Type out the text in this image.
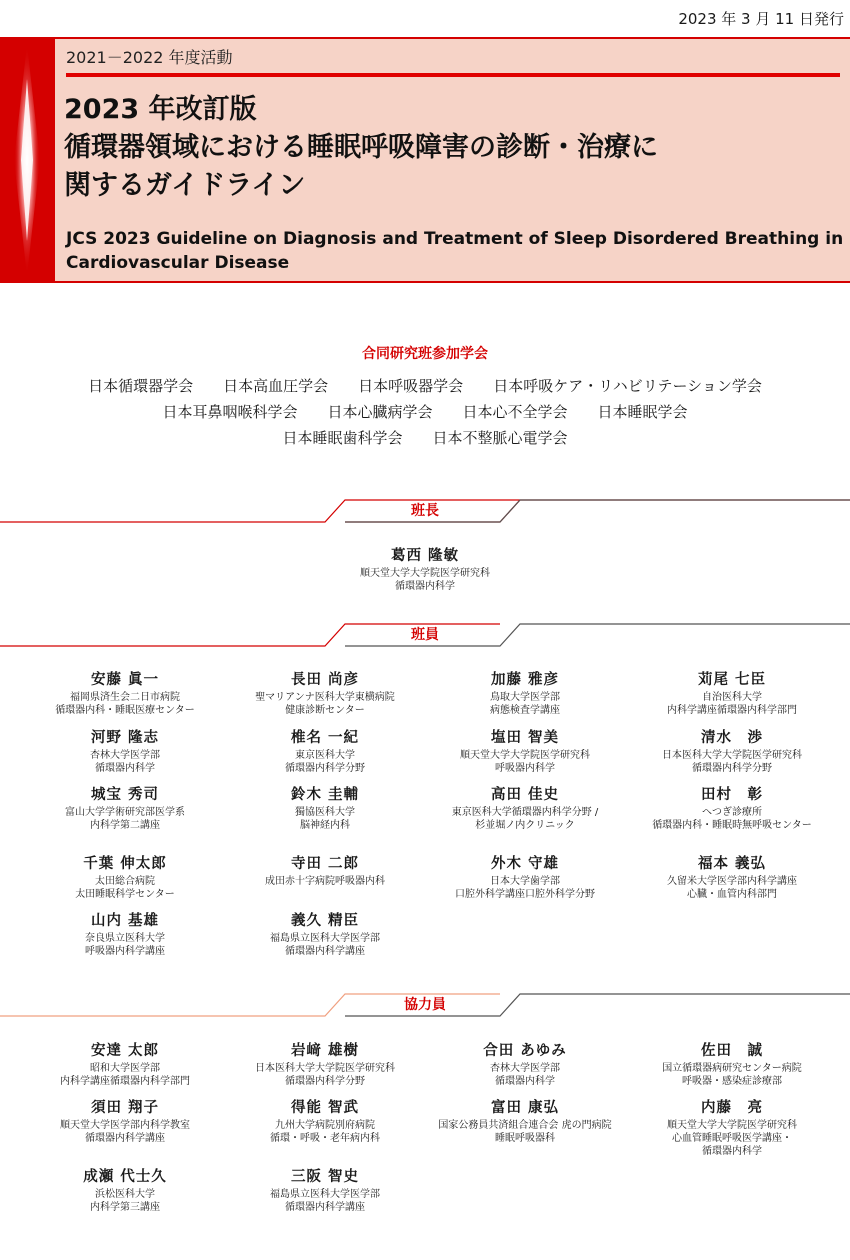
2023 年 3 月 11 日発行
2021－2022 年度活動
2023 年改訂版
循環器領域における睡眠呼吸障害の診断・治療に
関するガイドライン
JCS 2023 Guideline on Diagnosis and Treatment of Sleep Disordered Breathing in
Cardiovascular Disease
合同研究班参加学会
日本循環器学会 日本高血圧学会 日本呼吸器学会 日本呼吸ケア・リハビリテーション学会
日本耳鼻咽喉科学会 日本心臓病学会 日本心不全学会 日本睡眠学会
日本睡眠歯科学会 日本不整脈心電学会
班長
葛西 隆敏
順天堂大学大学院医学研究科
循環器内科学
班員
安藤 眞一
福岡県済生会二日市病院
循環器内科・睡眠医療センター
長田 尚彦
聖マリアンナ医科大学東横病院
健康診断センター
加藤 雅彦
鳥取大学医学部
病態検査学講座
苅尾 七臣
自治医科大学
内科学講座循環器内科学部門
河野 隆志
杏林大学医学部
循環器内科学
椎名 一紀
東京医科大学
循環器内科学分野
塩田 智美
順天堂大学大学院医学研究科
呼吸器内科学
清水　渉
日本医科大学大学院医学研究科
循環器内科学分野
城宝 秀司
富山大学学術研究部医学系
内科学第二講座
鈴木 圭輔
獨協医科大学
脳神経内科
高田 佳史
東京医科大学循環器内科学分野 /
杉並堀ノ内クリニック
田村　彰
へつぎ診療所
循環器内科・睡眠時無呼吸センター
千葉 伸太郎
太田総合病院
太田睡眠科学センター
寺田 二郎
成田赤十字病院呼吸器内科
外木 守雄
日本大学歯学部
口腔外科学講座口腔外科学分野
福本 義弘
久留米大学医学部内科学講座
心臓・血管内科部門
山内 基雄
奈良県立医科大学
呼吸器内科学講座
義久 精臣
福島県立医科大学医学部
循環器内科学講座
協力員
安達 太郎
昭和大学医学部
内科学講座循環器内科学部門
岩﨑 雄樹
日本医科大学大学院医学研究科
循環器内科学分野
合田 あゆみ
杏林大学医学部
循環器内科学
佐田　誠
国立循環器病研究センター病院
呼吸器・感染症診療部
須田 翔子
順天堂大学医学部内科学教室
循環器内科学講座
得能 智武
九州大学病院別府病院
循環・呼吸・老年病内科
富田 康弘
国家公務員共済組合連合会 虎の門病院
睡眠呼吸器科
内藤　亮
順天堂大学大学院医学研究科
心血管睡眠呼吸医学講座・
循環器内科学
成瀬 代士久
浜松医科大学
内科学第三講座
三阪 智史
福島県立医科大学医学部
循環器内科学講座
